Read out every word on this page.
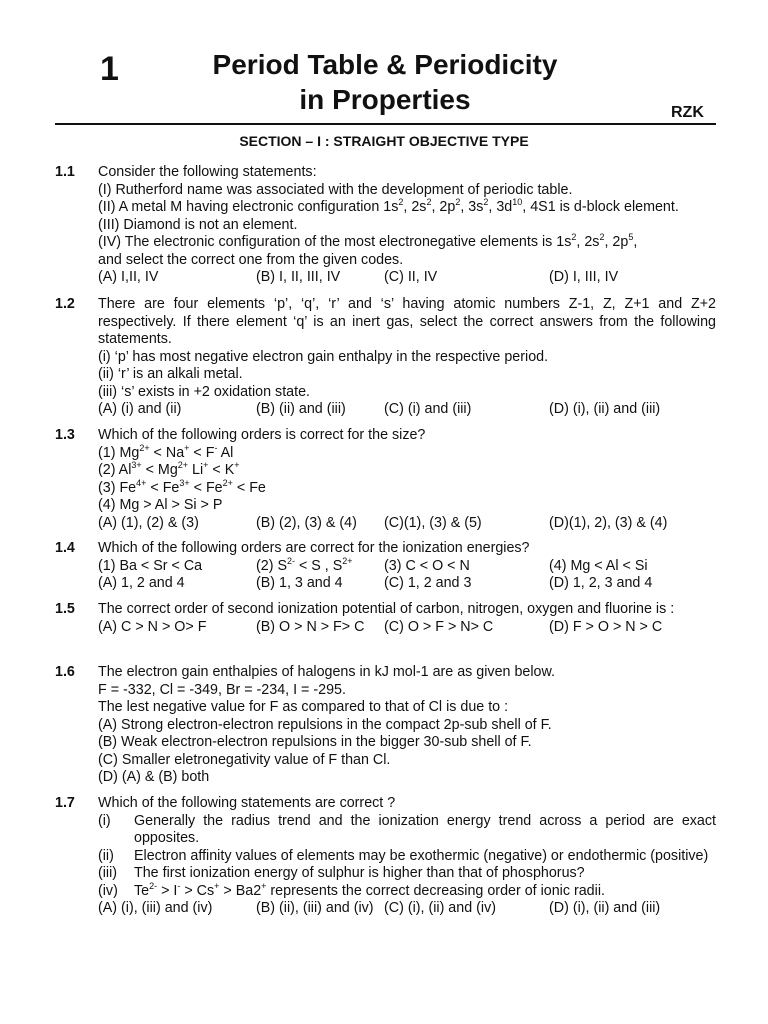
1	Period Table & Periodicity
in Properties	RZK
SECTION – I : STRAIGHT OBJECTIVE TYPE
1.1 Consider the following statements:
(I) Rutherford name was associated with the development of periodic table.
(II) A metal M having electronic configuration $1s^2$, $2s^2$, $2p^2$, $3s^2$, $3d^{10}$, 4S1 is d-block element.
(III) Diamond is not an element.
(IV) The electronic configuration of the most electronegative elements is $1s^2$, $2s^2$, $2p^5$,
and select the correct one from the given codes.
(A) I,II, IV	(B) I, II, III, IV	(C) II, IV	(D) I, III, IV
1.2 There are four elements ‘p’, ‘q’, ‘r’ and ‘s’ having atomic numbers Z-1, Z, Z+1 and Z+2 respectively. If there element ‘q’ is an inert gas, select the correct answers from the following statements.
(i) ‘p’ has most negative electron gain enthalpy in the respective period.
(ii) ‘r’ is an alkali metal.
(iii) ‘s’ exists in +2 oxidation state.
(A) (i) and (ii)	(B) (ii) and (iii)	(C) (i) and (iii)	(D) (i), (ii) and (iii)
1.3 Which of the following orders is correct for the size?
(1) $Mg^{2+} < Na^+ < F^-$ Al
(2) $Al^{3+} < Mg^{2+}$ Li+ < K+
(3) $Fe^{4+} < Fe^{3+} < Fe^{2+} < Fe$
(4) Mg > Al > Si > P
(A) (1), (2) & (3)	(B) (2), (3) & (4)	(C)(1), (3) & (5)	(D)(1), 2), (3) & (4)
1.4 Which of the following orders are correct for the ionization energies?
(1) Ba < Sr < Ca	(2) $S^{2-} < S$ , $S^{2+}$	(3) C < O < N	(4) Mg < Al < Si
(A) 1, 2 and 4	(B) 1, 3 and 4	(C) 1, 2 and 3	(D) 1, 2, 3 and 4
1.5 The correct order of second ionization potential of carbon, nitrogen, oxygen and fluorine is :
(A) C > N > O> F	(B) O > N > F> C	(C) O > F > N> C	(D) F > O > N > C
1.6 The electron gain enthalpies of halogens in kJ mol-1 are as given below.
F = -332, Cl = -349, Br = -234, I = -295.
The lest negative value for F as compared to that of Cl is due to :
(A) Strong electron-electron repulsions in the compact 2p-sub shell of F.
(B) Weak electron-electron repulsions in the bigger 30-sub shell of F.
(C) Smaller eletronegativity value of F than Cl.
(D) (A) & (B) both
1.7 Which of the following statements are correct ?
(i)	Generally the radius trend and the ionization energy trend across a period are exact opposites.
(ii)	Electron affinity values of elements may be exothermic (negative) or endothermic (positive)
(iii)	The first ionization energy of sulphur is higher than that of phosphorus?
(iv)	$Te^{2-} > I^- > Cs^+ > Ba2^+$ represents the correct decreasing order of ionic radii.
(A) (i), (iii) and (iv)	(B) (ii), (iii) and (iv) (C) (i), (ii) and (iv)	(D) (i), (ii) and (iii)
